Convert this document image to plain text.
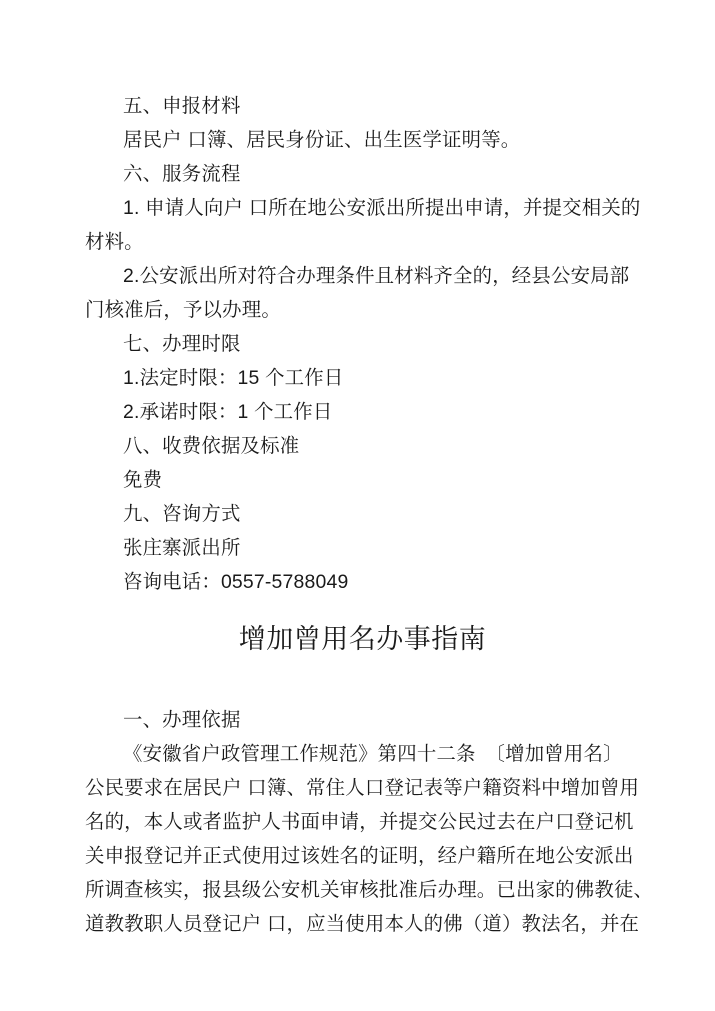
五、申报材料
居民户 口簿、居民身份证、出生医学证明等。
六、服务流程
1. 申请人向户 口所在地公安派出所提出申请，并提交相关的
材料。
2.公安派出所对符合办理条件且材料齐全的，经县公安局部
门核准后，予以办理。
七、办理时限
1.法定时限：15 个工作日
2.承诺时限：1 个工作日
八、收费依据及标准
免费
九、咨询方式
张庄寨派出所
咨询电话：0557-5788049
增加曾用名办事指南
一、办理依据
《安徽省户政管理工作规范》第四十二条　〔增加曾用名〕
公民要求在居民户 口簿、常住人口登记表等户籍资料中增加曾用
名的，本人或者监护人书面申请，并提交公民过去在户口登记机
关申报登记并正式使用过该姓名的证明，经户籍所在地公安派出
所调查核实，报县级公安机关审核批准后办理。已出家的佛教徒、
道教教职人员登记户 口，应当使用本人的佛（道）教法名，并在
